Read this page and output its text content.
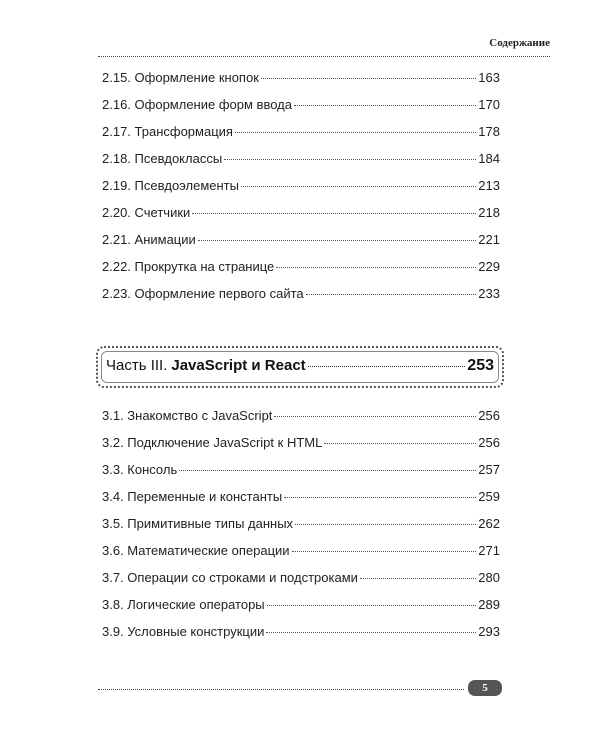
Содержание
2.15. Оформление кнопок	163
2.16. Оформление форм ввода	170
2.17. Трансформация	178
2.18. Псевдоклассы	184
2.19. Псевдоэлементы	213
2.20. Счетчики	218
2.21. Анимации	221
2.22. Прокрутка на странице	229
2.23. Оформление первого сайта	233
Часть III. JavaScript и React	253
3.1. Знакомство с JavaScript	256
3.2. Подключение JavaScript к HTML	256
3.3. Консоль	257
3.4. Переменные и константы	259
3.5. Примитивные типы данных	262
3.6. Математические операции	271
3.7. Операции со строками и подстроками	280
3.8. Логические операторы	289
3.9. Условные конструкции	293
5
